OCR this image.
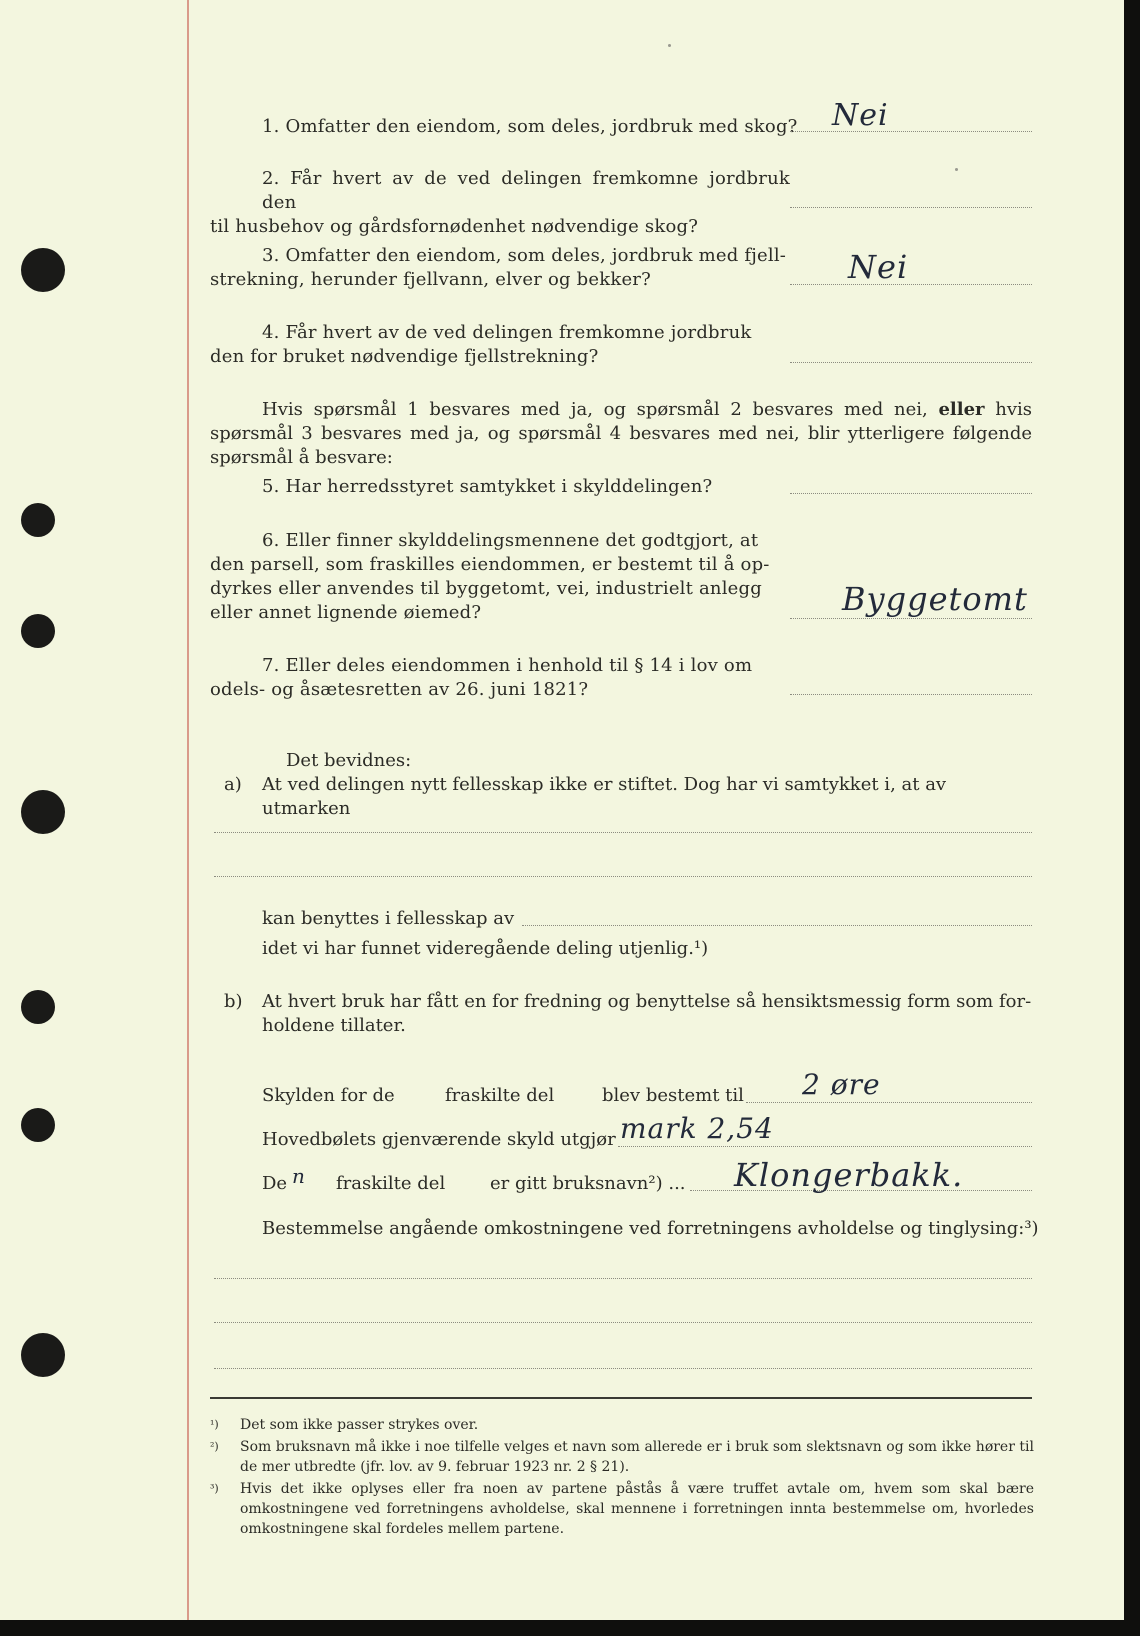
1. Omfatter den eiendom, som deles, jordbruk med skog?	Nei
2. Får hvert av de ved delingen fremkomne jordbruk den
til husbehov og gårdsfornødenhet nødvendige skog?
3. Omfatter den eiendom, som deles, jordbruk med fjell-
strekning, herunder fjellvann, elver og bekker?	Nei
4. Får hvert av de ved delingen fremkomne jordbruk
den for bruket nødvendige fjellstrekning?
Hvis spørsmål 1 besvares med ja, og spørsmål 2 besvares med nei, eller hvis spørsmål 3 besvares med ja, og spørsmål 4 besvares med nei, blir ytterligere følgende spørsmål å besvare:
5. Har herredsstyret samtykket i skylddelingen?
6. Eller finner skylddelingsmennene det godtgjort, at
den parsell, som fraskilles eiendommen, er bestemt til å op-
dyrkes eller anvendes til byggetomt, vei, industrielt anlegg
eller annet lignende øiemed?	Byggetomt
7. Eller deles eiendommen i henhold til § 14 i lov om
odels- og åsætesretten av 26. juni 1821?
Det bevidnes:
a) At ved delingen nytt fellesskap ikke er stiftet. Dog har vi samtykket i, at av utmarken
kan benyttes i fellesskap av
idet vi har funnet videregående deling utjenlig.¹)
b) At hvert bruk har fått en for fredning og benyttelse så hensiktsmessig form som for-
holdene tillater.
Skylden for de	fraskilte del	blev bestemt til 2 øre
Hovedbølets gjenværende skyld utgjør mark 2,54
De n fraskilte del er gitt bruksnavn²) ... Klongerbakk.
Bestemmelse angående omkostningene ved forretningens avholdelse og tinglysing:³)
¹) Det som ikke passer strykes over.
²) Som bruksnavn må ikke i noe tilfelle velges et navn som allerede er i bruk som slektsnavn og som ikke hører til de mer utbredte (jfr. lov. av 9. februar 1923 nr. 2 § 21).
³) Hvis det ikke oplyses eller fra noen av partene påstås å være truffet avtale om, hvem som skal bære omkostningene ved forretningens avholdelse, skal mennene i forretningen innta bestemmelse om, hvorledes omkostningene skal fordeles mellem partene.
